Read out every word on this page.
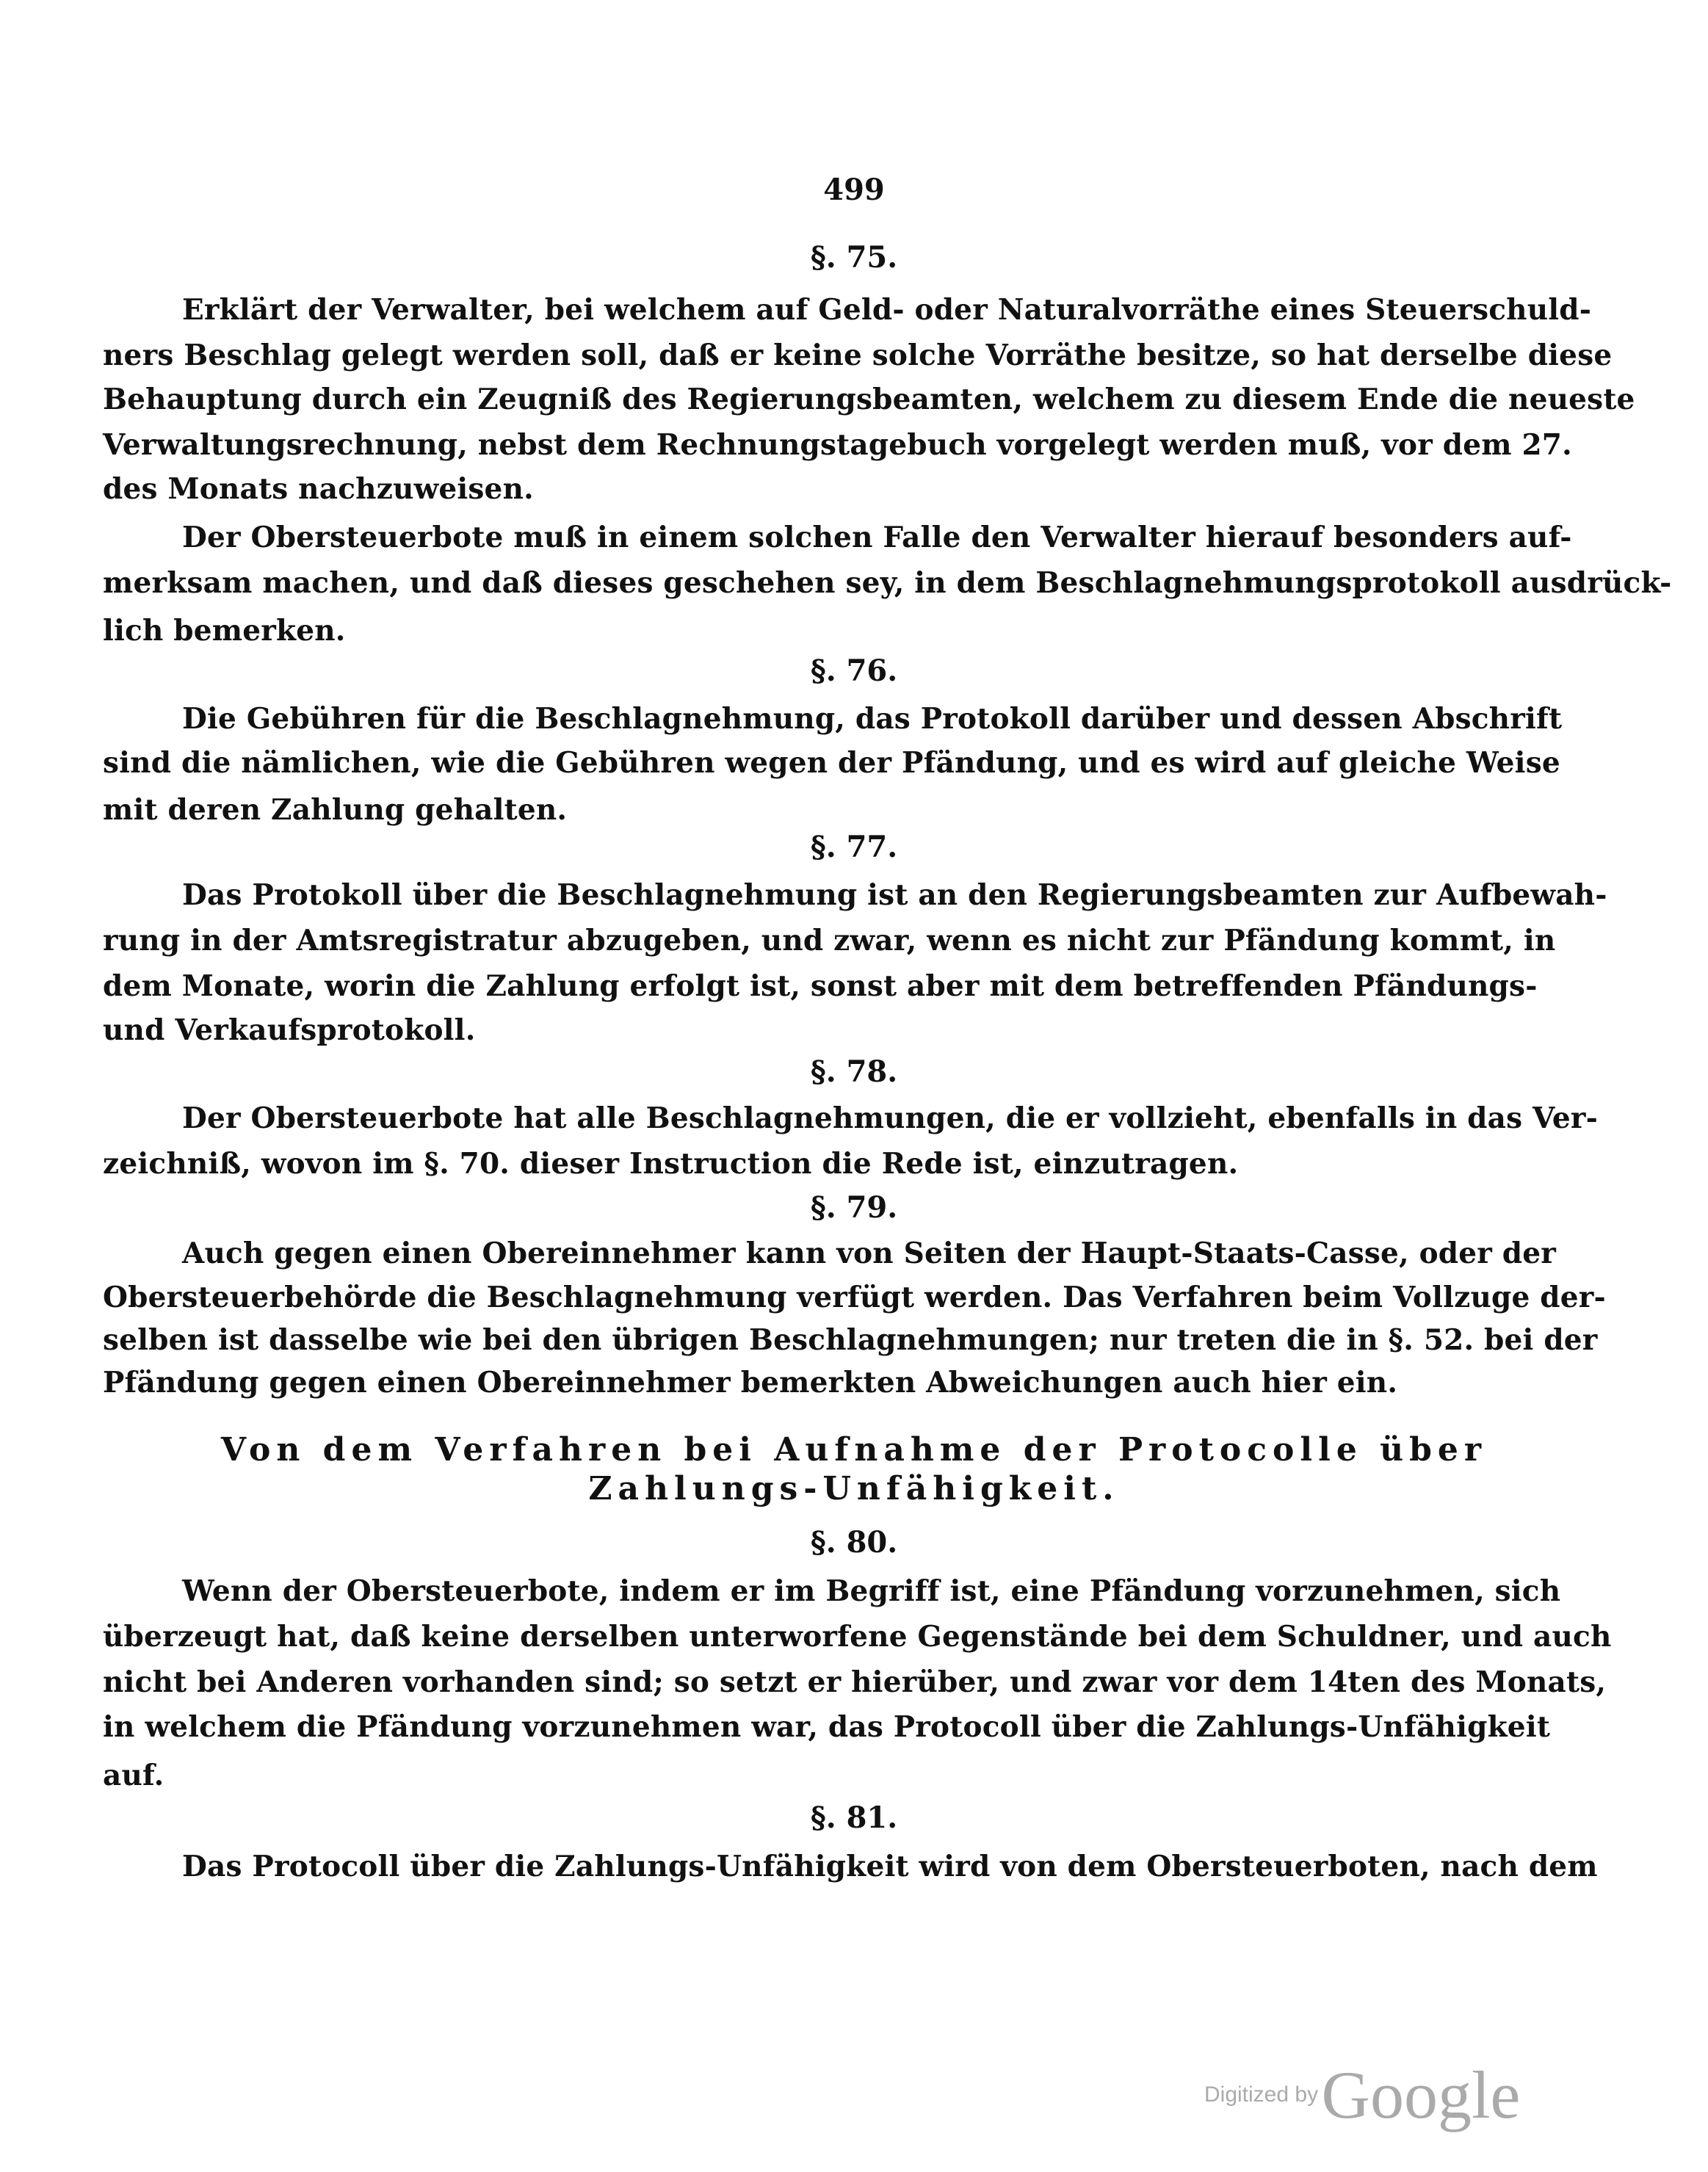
499
§. 75.
Erklärt der Verwalter, bei welchem auf Geld- oder Naturalvorräthe eines Steuerschuld-
ners Beschlag gelegt werden soll, daß er keine solche Vorräthe besitze, so hat derselbe diese
Behauptung durch ein Zeugniß des Regierungsbeamten, welchem zu diesem Ende die neueste
Verwaltungsrechnung, nebst dem Rechnungstagebuch vorgelegt werden muß, vor dem 27.
des Monats nachzuweisen.
Der Obersteuerbote muß in einem solchen Falle den Verwalter hierauf besonders auf-
merksam machen, und daß dieses geschehen sey, in dem Beschlagnehmungsprotokoll ausdrück-
lich bemerken.
§. 76.
Die Gebühren für die Beschlagnehmung, das Protokoll darüber und dessen Abschrift
sind die nämlichen, wie die Gebühren wegen der Pfändung, und es wird auf gleiche Weise
mit deren Zahlung gehalten.
§. 77.
Das Protokoll über die Beschlagnehmung ist an den Regierungsbeamten zur Aufbewah-
rung in der Amtsregistratur abzugeben, und zwar, wenn es nicht zur Pfändung kommt, in
dem Monate, worin die Zahlung erfolgt ist, sonst aber mit dem betreffenden Pfändungs-
und Verkaufsprotokoll.
§. 78.
Der Obersteuerbote hat alle Beschlagnehmungen, die er vollzieht, ebenfalls in das Ver-
zeichniß, wovon im §. 70. dieser Instruction die Rede ist, einzutragen.
§. 79.
Auch gegen einen Obereinnehmer kann von Seiten der Haupt-Staats-Casse, oder der
Obersteuerbehörde die Beschlagnehmung verfügt werden. Das Verfahren beim Vollzuge der-
selben ist dasselbe wie bei den übrigen Beschlagnehmungen; nur treten die in §. 52. bei der
Pfändung gegen einen Obereinnehmer bemerkten Abweichungen auch hier ein.
Von dem Verfahren bei Aufnahme der Protocolle über
Zahlungs-Unfähigkeit.
§. 80.
Wenn der Obersteuerbote, indem er im Begriff ist, eine Pfändung vorzunehmen, sich
überzeugt hat, daß keine derselben unterworfene Gegenstände bei dem Schuldner, und auch
nicht bei Anderen vorhanden sind; so setzt er hierüber, und zwar vor dem 14ten des Monats,
in welchem die Pfändung vorzunehmen war, das Protocoll über die Zahlungs-Unfähigkeit
auf.
§. 81.
Das Protocoll über die Zahlungs-Unfähigkeit wird von dem Obersteuerboten, nach dem
Digitized by Google
